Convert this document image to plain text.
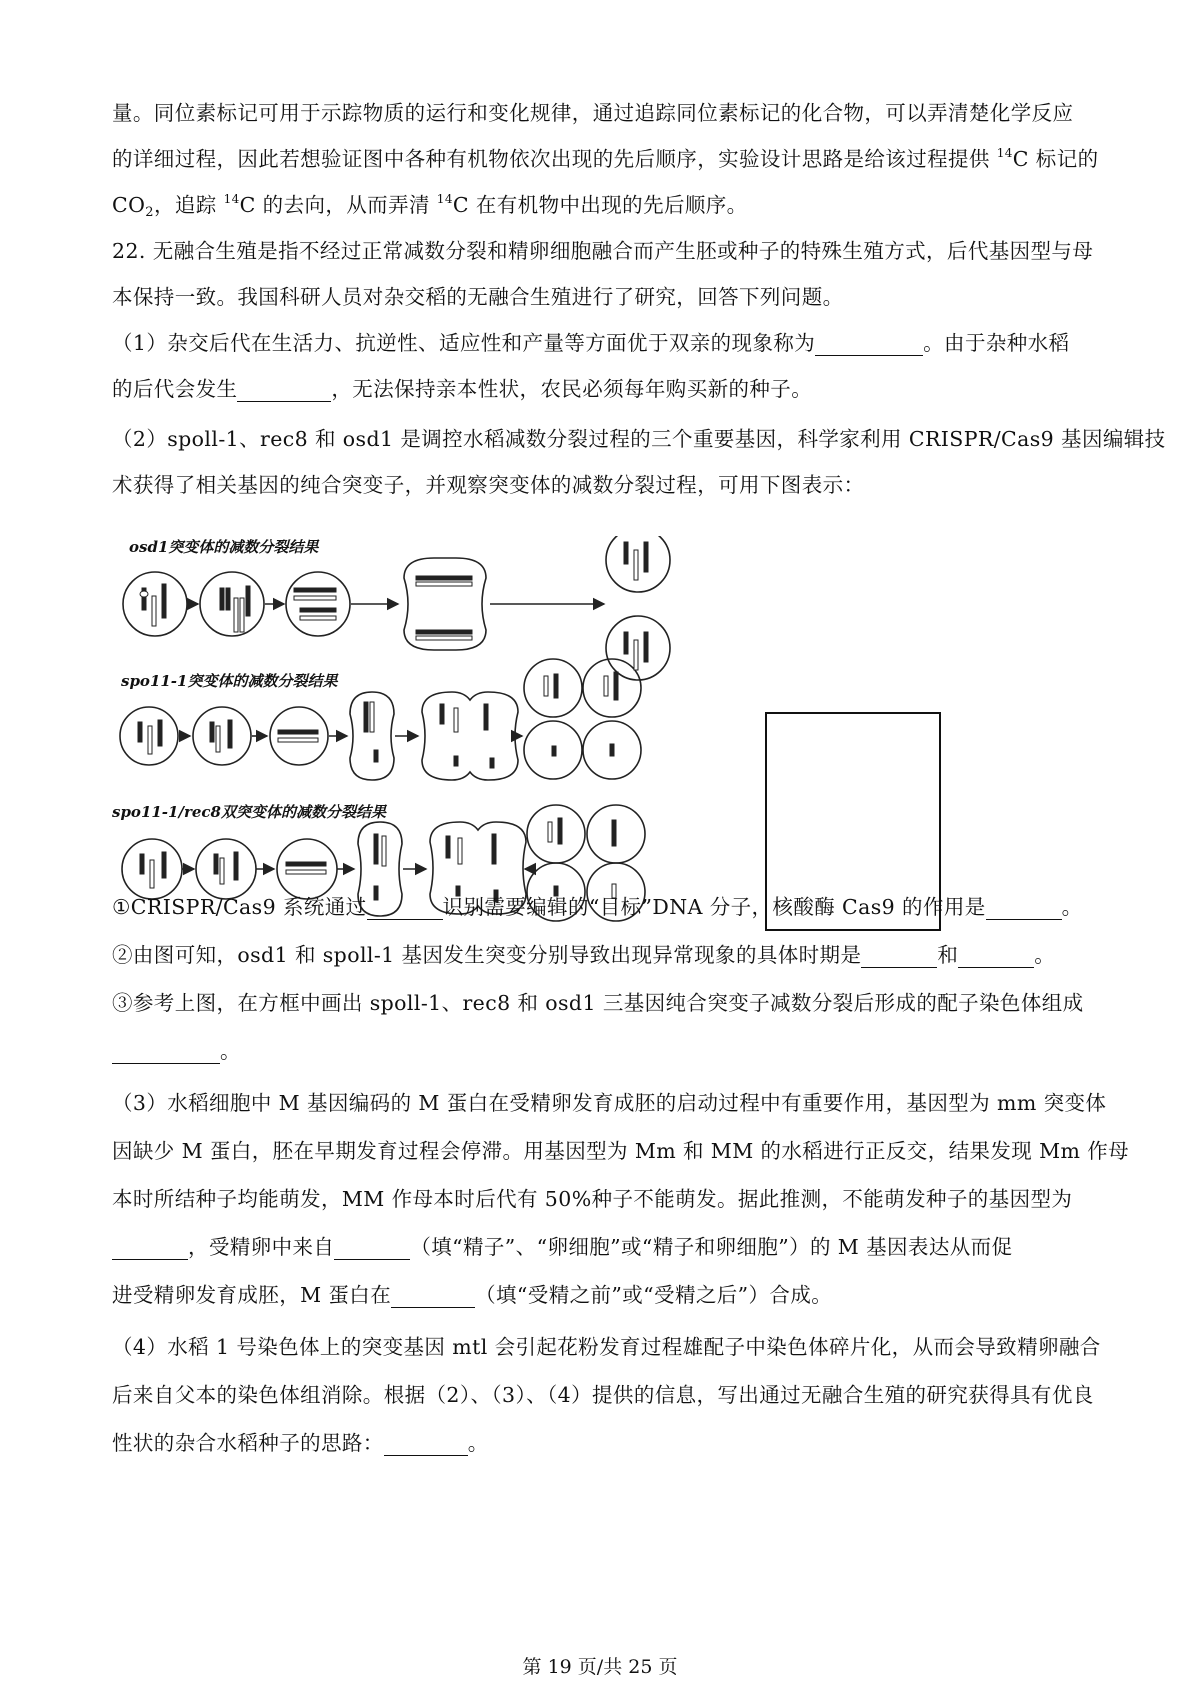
量。同位素标记可用于示踪物质的运行和变化规律，通过追踪同位素标记的化合物，可以弄清楚化学反应
的详细过程，因此若想验证图中各种有机物依次出现的先后顺序，实验设计思路是给该过程提供 $^{14}$C 标记的
$CO_2$，追踪 $^{14}$C 的去向，从而弄清 $^{14}$C 在有机物中出现的先后顺序。
22. 无融合生殖是指不经过正常减数分裂和精卵细胞融合而产生胚或种子的特殊生殖方式，后代基因型与母
本保持一致。我国科研人员对杂交稻的无融合生殖进行了研究，回答下列问题。
（1）杂交后代在生活力、抗逆性、适应性和产量等方面优于双亲的现象称为	。由于杂种水稻
的后代会发生	，无法保持亲本性状，农民必须每年购买新的种子。
（2）spoll-1、rec8 和 osd1 是调控水稻减数分裂过程的三个重要基因，科学家利用 CRISPR/Cas9 基因编辑技
术获得了相关基因的纯合突变子，并观察突变体的减数分裂过程，可用下图表示：
osd1突变体的减数分裂结果
spo11-1突变体的减数分裂结果
spo11-1/rec8双突变体的减数分裂结果
①CRISPR/Cas9 系统通过	识别需要编辑的“目标”DNA 分子，核酸酶 Cas9 的作用是	。
②由图可知，osd1 和 spoll-1 基因发生突变分别导致出现异常现象的具体时期是	和	。
③参考上图，在方框中画出 spoll-1、rec8 和 osd1 三基因纯合突变子减数分裂后形成的配子染色体组成
。
（3）水稻细胞中 M 基因编码的 M 蛋白在受精卵发育成胚的启动过程中有重要作用，基因型为 mm 突变体
因缺少 M 蛋白，胚在早期发育过程会停滞。用基因型为 Mm 和 MM 的水稻进行正反交，结果发现 Mm 作母
本时所结种子均能萌发，MM 作母本时后代有 50%种子不能萌发。据此推测，不能萌发种子的基因型为
，受精卵中来自	（填“精子”、“卵细胞”或“精子和卵细胞”）的 M 基因表达从而促
进受精卵发育成胚，M 蛋白在	（填“受精之前”或“受精之后”）合成。
（4）水稻 1 号染色体上的突变基因 mtl 会引起花粉发育过程雄配子中染色体碎片化，从而会导致精卵融合
后来自父本的染色体组消除。根据（2）、（3）、（4）提供的信息，写出通过无融合生殖的研究获得具有优良
性状的杂合水稻种子的思路：	。
第 19 页/共 25 页
